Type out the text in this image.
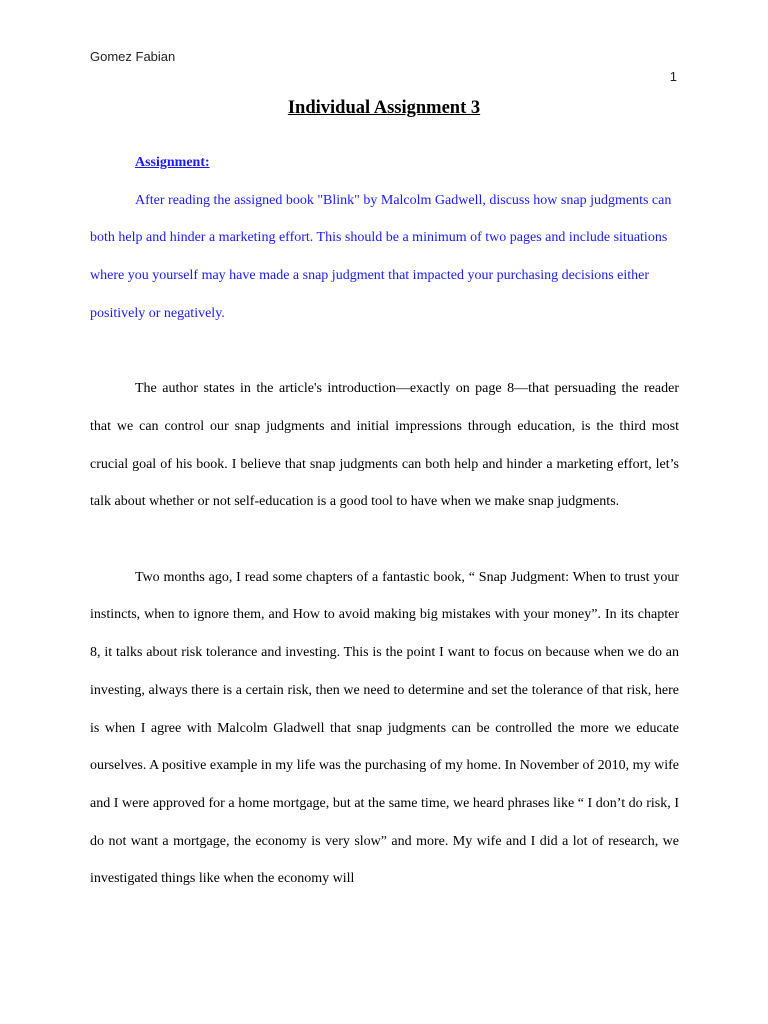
Gomez Fabian
1
Individual Assignment 3

Assignment:

After reading the assigned book "Blink" by Malcolm Gadwell, discuss how snap judgments can both help and hinder a marketing effort. This should be a minimum of two pages and include situations where you yourself may have made a snap judgment that impacted your purchasing decisions either positively or negatively.

The author states in the article's introduction—exactly on page 8—that persuading the reader that we can control our snap judgments and initial impressions through education, is the third most crucial goal of his book. I believe that snap judgments can both help and hinder a marketing effort, let’s talk about whether or not self-education is a good tool to have when we make snap judgments.

Two months ago, I read some chapters of a fantastic book, “ Snap Judgment: When to trust your instincts, when to ignore them, and How to avoid making big mistakes with your money”. In its chapter 8, it talks about risk tolerance and investing. This is the point I want to focus on because when we do an investing, always there is a certain risk, then we need to determine and set the tolerance of that risk, here is when I agree with Malcolm Gladwell that snap judgments can be controlled the more we educate ourselves. A positive example in my life was the purchasing of my home. In November of 2010, my wife and I were approved for a home mortgage, but at the same time, we heard phrases like “ I don’t do risk, I do not want a mortgage, the economy is very slow” and more. My wife and I did a lot of research, we investigated things like when the economy will
